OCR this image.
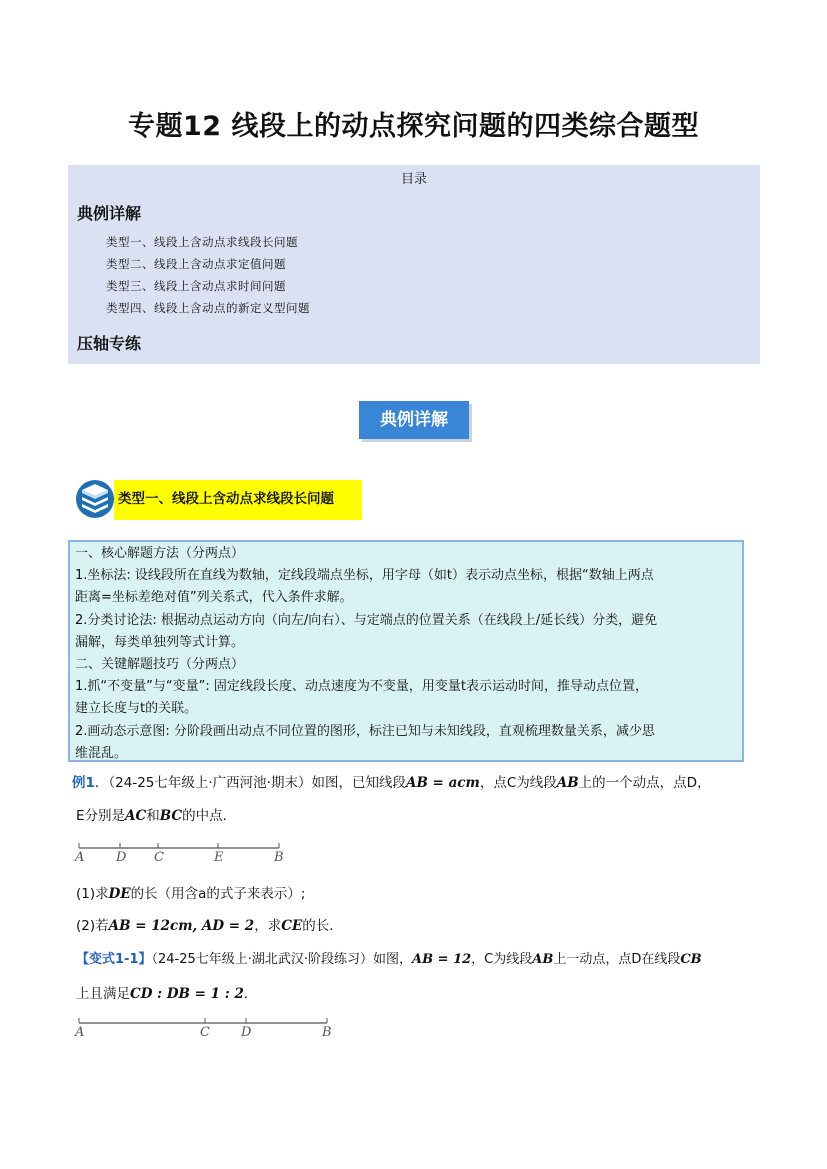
专题12 线段上的动点探究问题的四类综合题型
目录
典例详解
类型一、线段上含动点求线段长问题
类型二、线段上含动点求定值问题
类型三、线段上含动点求时间问题
类型四、线段上含动点的新定义型问题
压轴专练
典例详解
类型一、线段上含动点求线段长问题

一、核心解题方法（分两点）

1.坐标法: 设线段所在直线为数轴，定线段端点坐标，用字母（如t）表示动点坐标，根据“数轴上两点

距离=坐标差绝对值”列关系式，代入条件求解。

2.分类讨论法: 根据动点运动方向（向左/向右）、与定端点的位置关系（在线段上/延长线）分类，避免

漏解，每类单独列等式计算。

二、关键解题技巧（分两点）

1.抓“不变量”与“变量”: 固定线段长度、动点速度为不变量，用变量t表示运动时间，推导动点位置，

建立长度与t的关联。

2.画动态示意图: 分阶段画出动点不同位置的图形，标注已知与未知线段，直观梳理数量关系，减少思

维混乱。

例1．（24-25七年级上·广西河池·期末）如图，已知线段AB = acm，点C为线段AB上的一个动点，点D，
E分别是AC和BC的中点．
A D C	E	B
(1)求DE的长（用含a的式子来表示）;
(2)若AB = 12cm, AD = 2，求CE的长．
【变式1-1】（24-25七年级上·湖北武汉·阶段练习）如图，AB = 12，C为线段AB上一动点，点D在线段CB
上且满足CD : DB = 1 : 2．
A	C D	B
